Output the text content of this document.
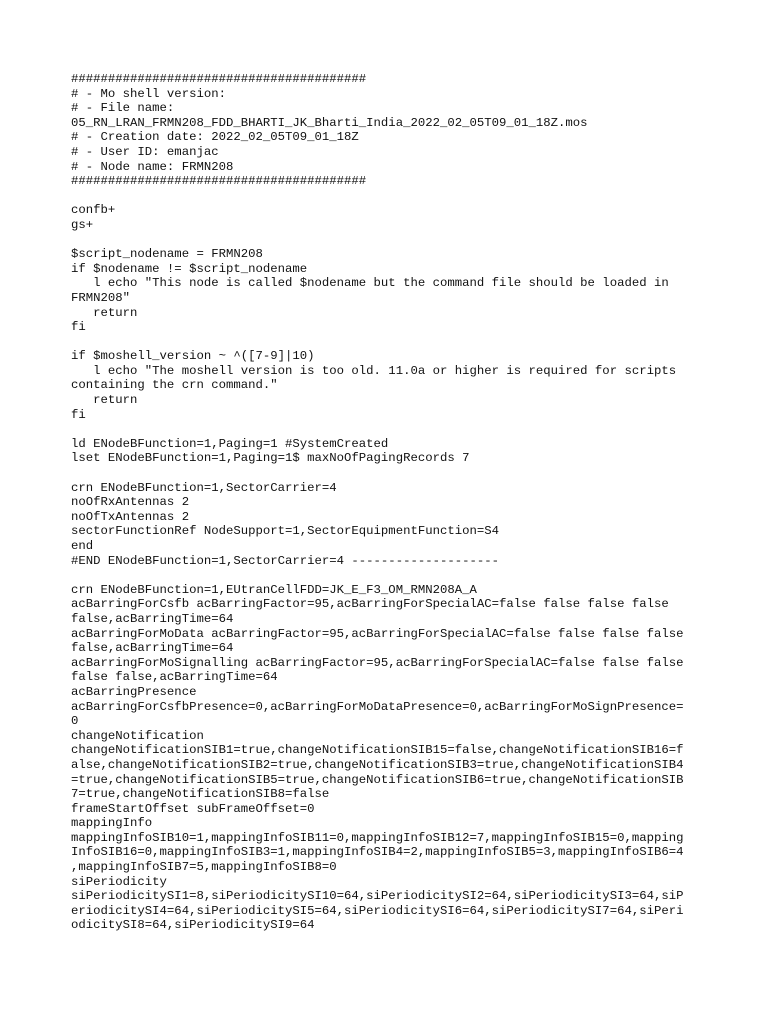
########################################
# - Mo shell version:
# - File name:
05_RN_LRAN_FRMN208_FDD_BHARTI_JK_Bharti_India_2022_02_05T09_01_18Z.mos
# - Creation date: 2022_02_05T09_01_18Z
# - User ID: emanjac
# - Node name: FRMN208
########################################
confb+
gs+
$script_nodename = FRMN208
if $nodename != $script_nodename
l echo "This node is called $nodename but the command file should be loaded in
FRMN208"
return
fi
if $moshell_version ~ ^([7-9]|10)
l echo "The moshell version is too old. 11.0a or higher is required for scripts
containing the crn command."
return
fi
ld ENodeBFunction=1,Paging=1 #SystemCreated
lset ENodeBFunction=1,Paging=1$ maxNoOfPagingRecords 7
crn ENodeBFunction=1,SectorCarrier=4
noOfRxAntennas 2
noOfTxAntennas 2
sectorFunctionRef NodeSupport=1,SectorEquipmentFunction=S4
end
#END ENodeBFunction=1,SectorCarrier=4 --------------------
crn ENodeBFunction=1,EUtranCellFDD=JK_E_F3_OM_RMN208A_A
acBarringForCsfb acBarringFactor=95,acBarringForSpecialAC=false false false false
false,acBarringTime=64
acBarringForMoData acBarringFactor=95,acBarringForSpecialAC=false false false false
false,acBarringTime=64
acBarringForMoSignalling acBarringFactor=95,acBarringForSpecialAC=false false false
false false,acBarringTime=64
acBarringPresence
acBarringForCsfbPresence=0,acBarringForMoDataPresence=0,acBarringForMoSignPresence=
0
changeNotification
changeNotificationSIB1=true,changeNotificationSIB15=false,changeNotificationSIB16=f
alse,changeNotificationSIB2=true,changeNotificationSIB3=true,changeNotificationSIB4
=true,changeNotificationSIB5=true,changeNotificationSIB6=true,changeNotificationSIB
7=true,changeNotificationSIB8=false
frameStartOffset subFrameOffset=0
mappingInfo
mappingInfoSIB10=1,mappingInfoSIB11=0,mappingInfoSIB12=7,mappingInfoSIB15=0,mapping
InfoSIB16=0,mappingInfoSIB3=1,mappingInfoSIB4=2,mappingInfoSIB5=3,mappingInfoSIB6=4
,mappingInfoSIB7=5,mappingInfoSIB8=0
siPeriodicity
siPeriodicitySI1=8,siPeriodicitySI10=64,siPeriodicitySI2=64,siPeriodicitySI3=64,siP
eriodicitySI4=64,siPeriodicitySI5=64,siPeriodicitySI6=64,siPeriodicitySI7=64,siPeri
odicitySI8=64,siPeriodicitySI9=64
